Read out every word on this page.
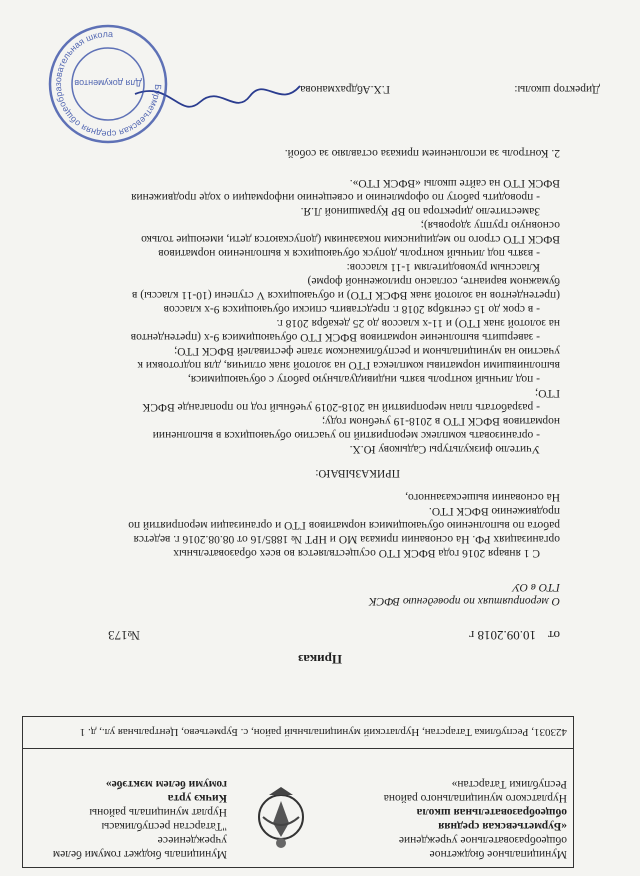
Муниципальное бюджетное
общеобразовательное учреждение
«Бурметьевская средняя
общеобразовательная школа
Нурлатского муниципального района
Республики Татарстан»
Муниципаль бюджет гомуми белем
учреждениесе
"Татарстан республикасы
Нурлат муниципаль районы
Кичкэ урта
гомуми белем мэктэбе»
423031, Республика Татарстан, Нурлатский муниципальный район, с. Бурметьево, Центральная ул., д. 1
Приказ
от
10.09.2018 г
№173
О мероприятиях по проведению ВФСК
ГТО в ОУ
С 1 января 2016 года ВФСК ГТО осуществляется во всех образовательных
организациях РФ. На основании приказа МО и НРТ № 1885/16 от 08.08.2016 г. ведется
работа по выполнению обучающимися нормативов ГТО и организации мероприятий по
продвижению ВФСК ГТО.
На основании вышесказанного,
ПРИКАЗЫВАЮ:
Учителю физкультуры Садыкову Ю.Х.
- организовать комплекс мероприятий по участию обучающихся в выполнении
нормативов ВФСК ГТО в 2018-19 учебном году;
- разработать план мероприятий на 2018-2019 учебный год по пропаганде ВФСК
ГТО;
- под личный контроль взять индивидуальную работу с обучающимися,
выполнившими нормативы комплекса ГТО на золотой знак отличия, для подготовки к
участию на муниципальном и республиканском этапе фестивалей ВФСК ГТО;
- завершить выполнение нормативов ВФСК ГТО обучающимися 9-х (претендентов
на золотой знак ГТО) и 11-х классов до 25 декабря 2018 г.
- в срок до 15 сентября 2018 г. представить списки обучающихся 9-х классов
(претендентов на золотой знак ВФСК ГТО) и обучающихся V ступени (10-11 классы) в
бумажном варианте, согласно приложенной форме)
Классным руководителям 1-11 классов:
- взять под личный контроль допуск обучающихся к выполнению нормативов
ВФСК ГТО строго по медицинским показаниям (допускаются дети, имеющие только
основную группу здоровья);
Заместителю директора по ВР Курамшиной Л.Я.
- проводить работу по оформлению и освещению информации о ходе продвижения
ВФСК ГТО на сайте школы «ВФСК ГТО».
2. Контроль за исполнением приказа оставляю за собой.
Директор школы:
Г.Х.Абдрахманова
Бурметьевская средняя общеобразовательная школа
Для документов
